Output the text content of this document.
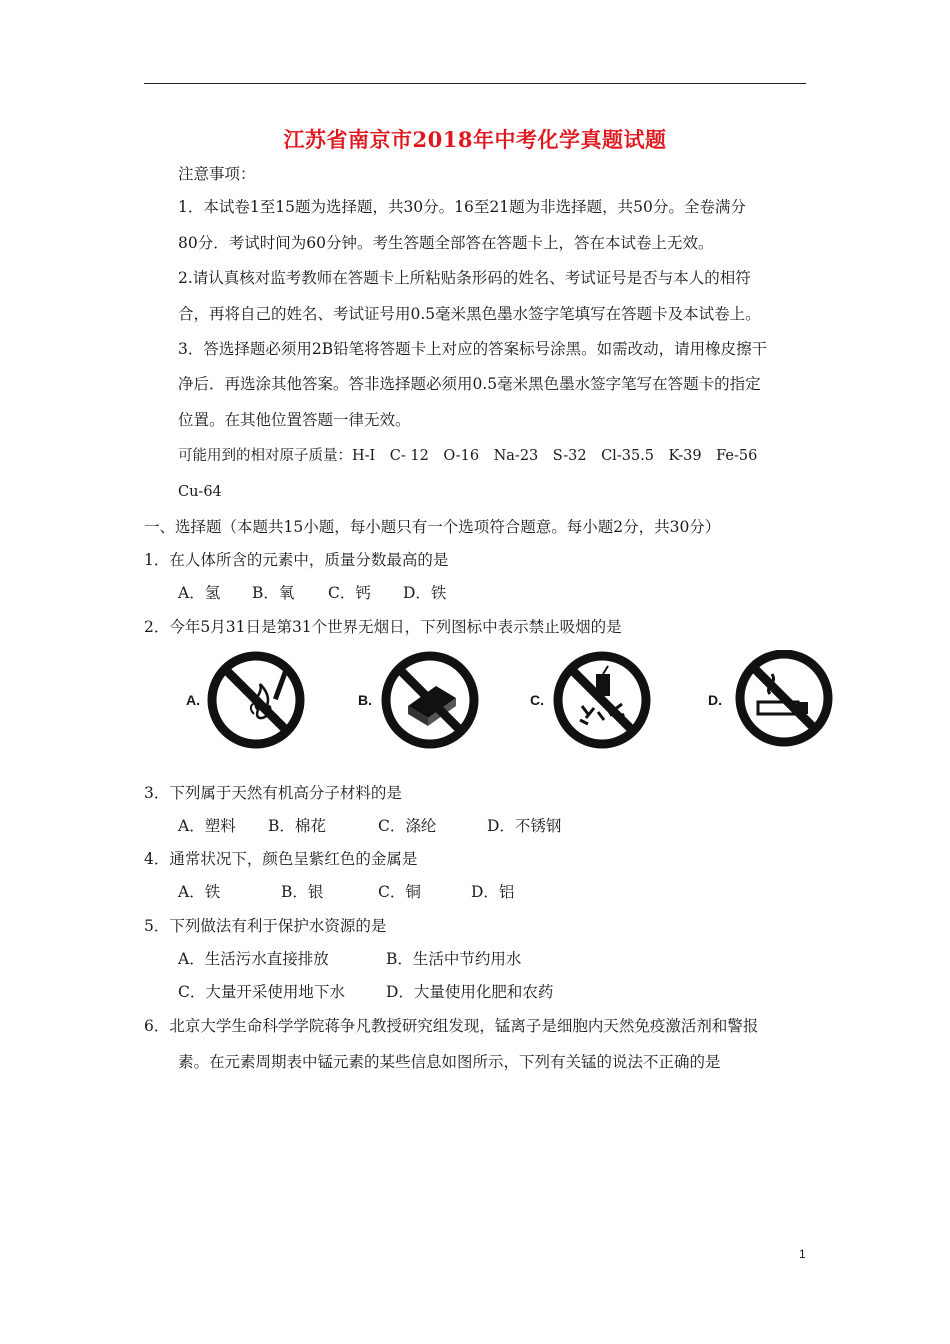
江苏省南京市2018年中考化学真题试题
注意事项：
1．本试卷1至15题为选择题，共30分。16至21题为非选择题，共50分。全卷满分
80分．考试时间为60分钟。考生答题全部答在答题卡上，答在本试卷上无效。
2.请认真核对监考教师在答题卡上所粘贴条形码的姓名、考试证号是否与本人的相符
合，再将自己的姓名、考试证号用0.5毫米黑色墨水签字笔填写在答题卡及本试卷上。
3．答选择题必须用2B铅笔将答题卡上对应的答案标号涂黑。如需改动，请用橡皮擦干
净后．再选涂其他答案。答非选择题必须用0.5毫米黑色墨水签字笔写在答题卡的指定
位置。在其他位置答题一律无效。
可能用到的相对原子质量：H-I　C- 12　O-16　Na-23　S-32　Cl-35.5　K-39　Fe-56
Cu-64
一、选择题（本题共15小题，每小题只有一个选项符合题意。每小题2分，共30分）
1．在人体所含的元素中，质量分数最高的是
A．氢 B．氧 C．钙 D．铁
2．今年5月31日是第31个世界无烟日，下列图标中表示禁止吸烟的是
A.	B.	C.	D.
3．下列属于天然有机高分子材料的是
A．塑料 B．棉花	C．涤纶	D．不锈钢
4．通常状况下，颜色呈紫红色的金属是
A．铁	B．银	C．铜	D．铝
5．下列做法有利于保护水资源的是
A．生活污水直接排放	B．生活中节约用水
C．大量开采使用地下水	D．大量使用化肥和农药
6．北京大学生命科学学院蒋争凡教授研究组发现，锰离子是细胞内天然免疫激活剂和警报
素。在元素周期表中锰元素的某些信息如图所示，下列有关锰的说法不正确的是
1
